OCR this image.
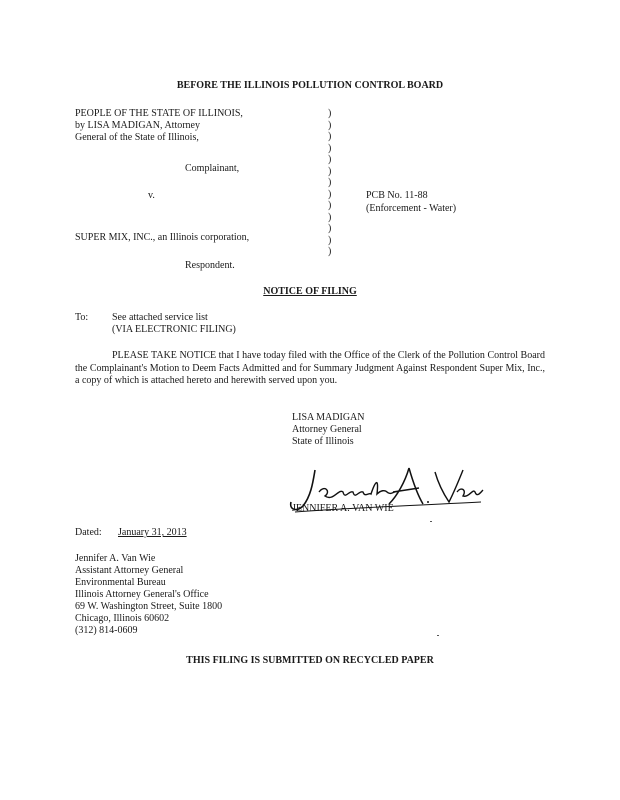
BEFORE THE ILLINOIS POLLUTION CONTROL BOARD
PEOPLE OF THE STATE OF ILLINOIS,
by LISA MADIGAN, Attorney
General of the State of Illinois,
Complainant,
v.	PCB No. 11-88
(Enforcement - Water)
SUPER MIX, INC., an Illinois corporation,
Respondent.
)
)
)
)
)
)
)
)
)
)
)
)
)
NOTICE OF FILING
To: See attached service list
(VIA ELECTRONIC FILING)
PLEASE TAKE NOTICE that I have today filed with the Office of the Clerk of the Pollution Control Board the Complainant's Motion to Deem Facts Admitted and for Summary Judgment Against Respondent Super Mix, Inc., a copy of which is attached hereto and herewith served upon you.
LISA MADIGAN
Attorney General
State of Illinois
JENNIFER A. VAN WIE
Dated:	January 31, 2013
Jennifer A. Van Wie
Assistant Attorney General
Environmental Bureau
Illinois Attorney General's Office
69 W. Washington Street, Suite 1800
Chicago, Illinois 60602
(312) 814-0609
THIS FILING IS SUBMITTED ON RECYCLED PAPER
